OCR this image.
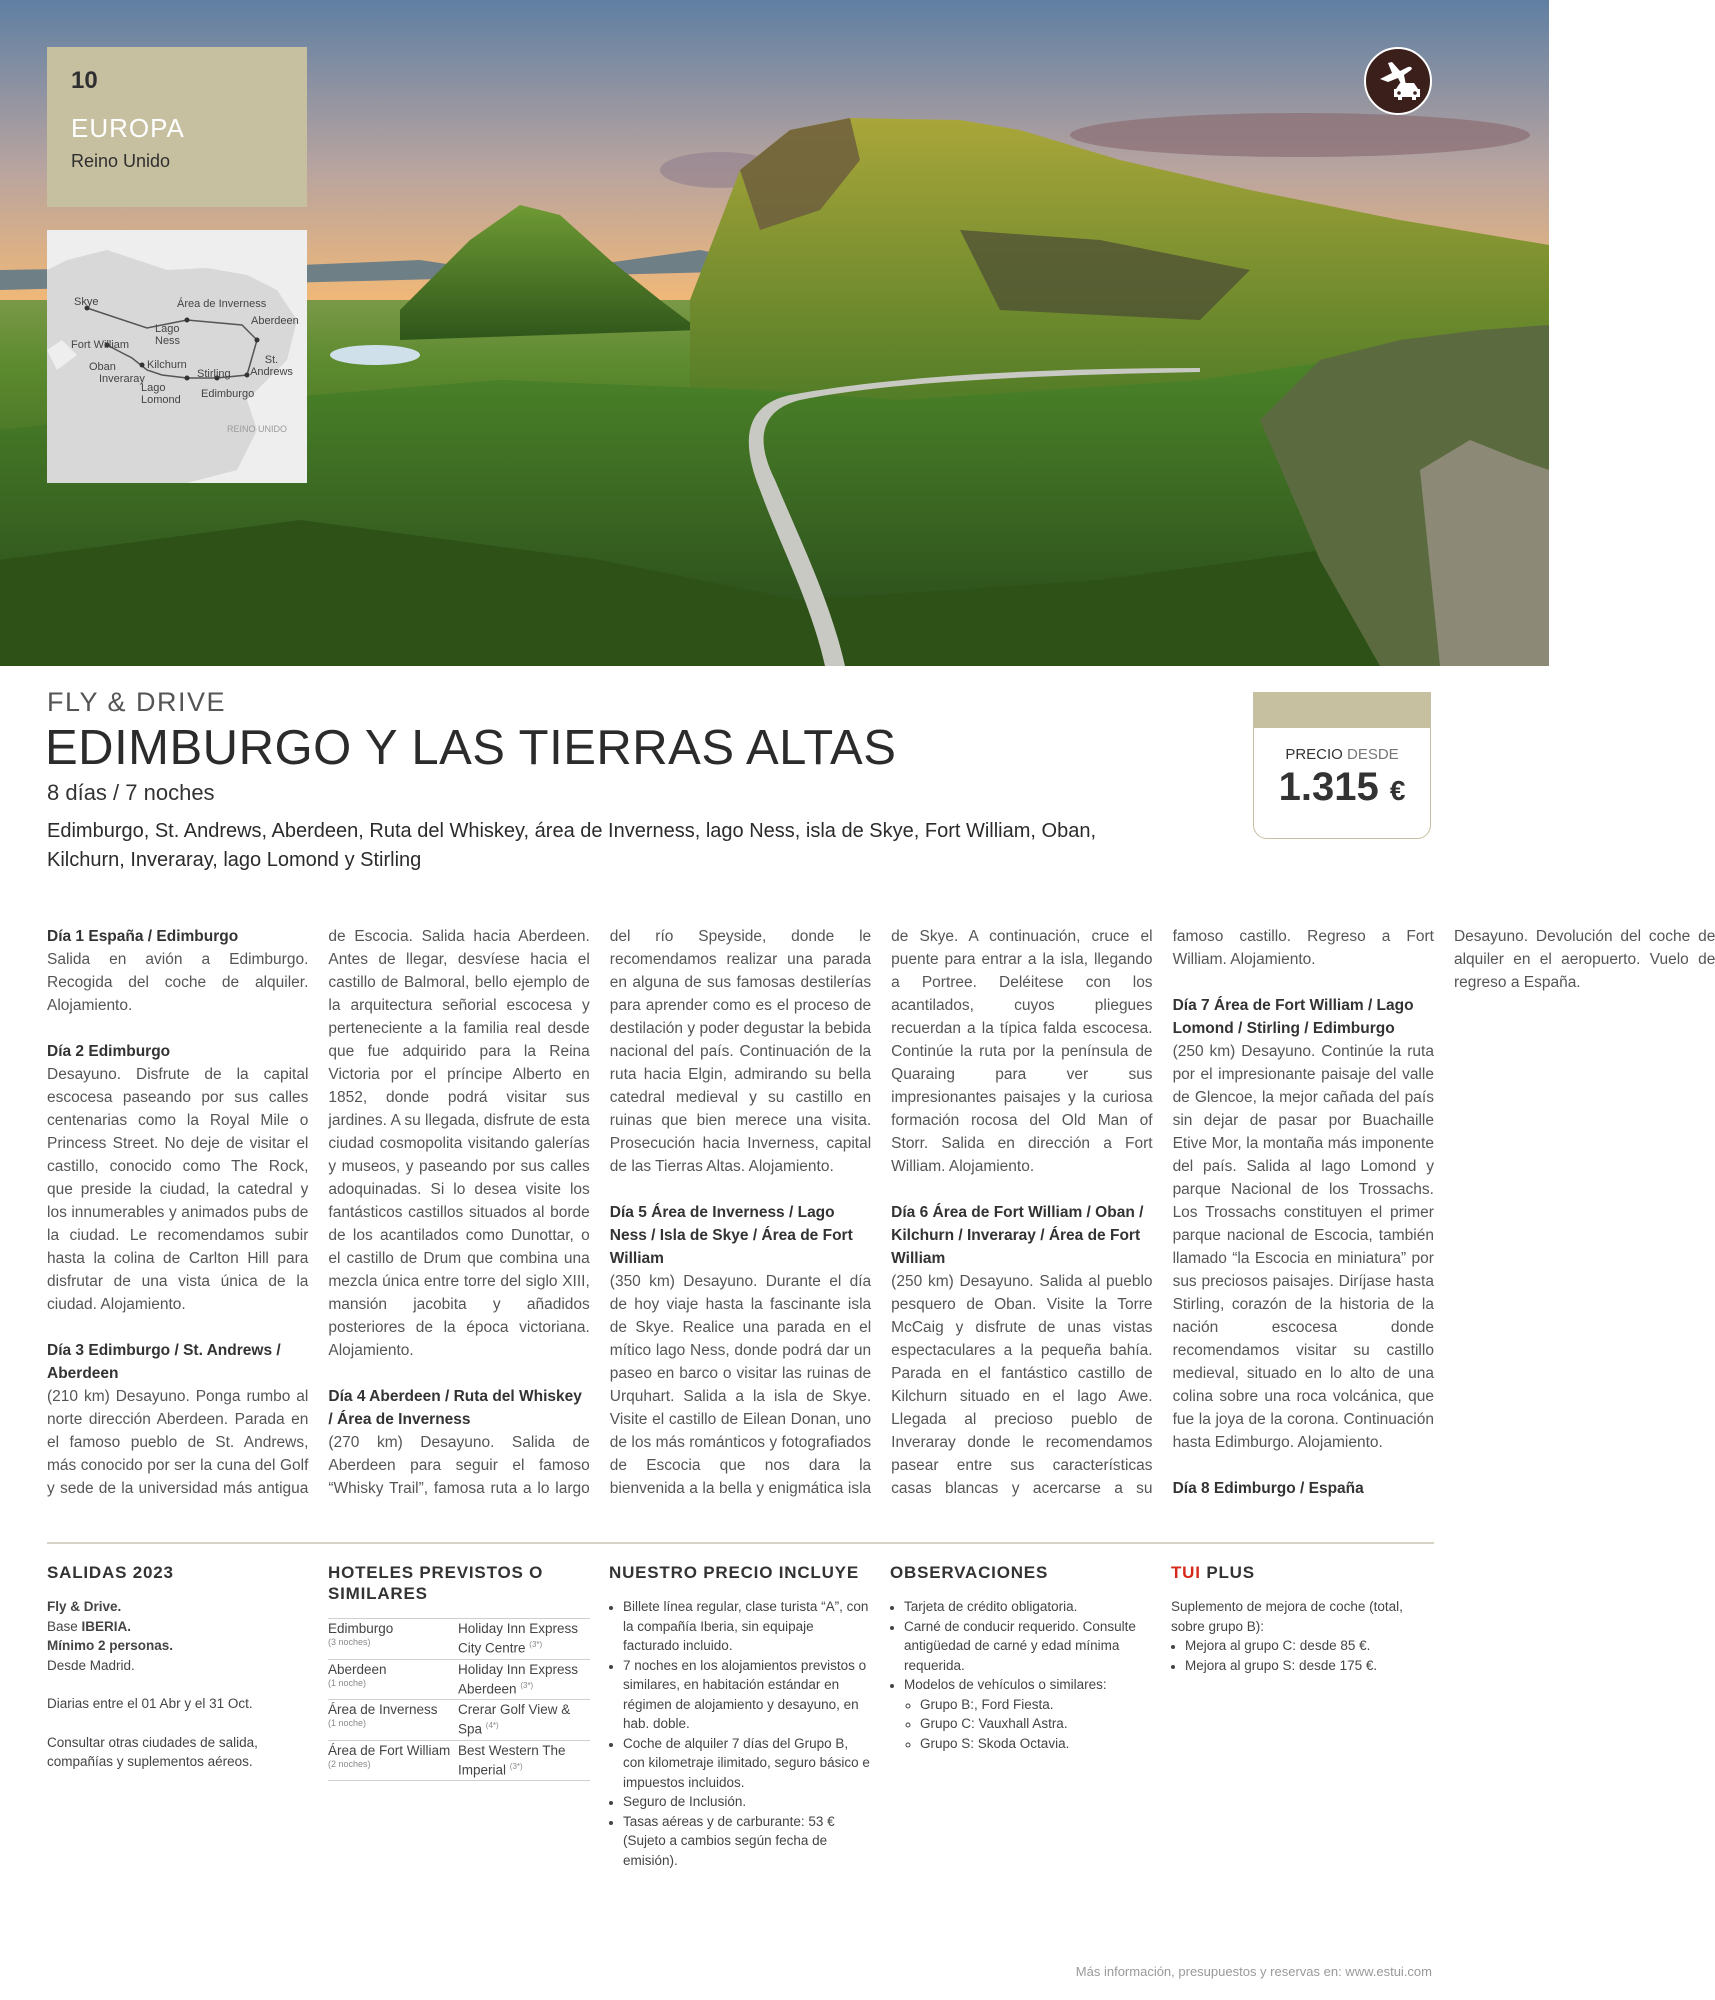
10
EUROPA
Reino Unido
Skye	Área de Inverness
Lago Ness
Aberdeen
Fort William
Oban
Inveraray
Kilchurn
Lago Lomond
Stirling
St. Andrews
Edimburgo
REINO UNIDO
FLY & DRIVE
EDIMBURGO Y LAS TIERRAS ALTAS
8 días / 7 noches
Edimburgo, St. Andrews, Aberdeen, Ruta del Whiskey, área de Inverness, lago Ness, isla de Skye, Fort William, Oban, Kilchurn, Inveraray, lago Lomond y Stirling
PRECIO DESDE
1.315 €
Día 1 España / Edimburgo

Salida en avión a Edimburgo. Recogida del coche de alquiler. Alojamiento.

Día 2 Edimburgo

Desayuno. Disfrute de la capital escocesa paseando por sus calles centenarias como la Royal Mile o Princess Street. No deje de visitar el castillo, conocido como The Rock, que preside la ciudad, la catedral y los innumerables y animados pubs de la ciudad. Le recomendamos subir hasta la colina de Carlton Hill para disfrutar de una vista única de la ciudad. Alojamiento.

Día 3 Edimburgo / St. Andrews / Aberdeen

(210 km) Desayuno. Ponga rumbo al norte dirección Aberdeen. Parada en el famoso pueblo de St. Andrews, más conocido por ser la cuna del Golf y sede de la universidad más antigua de Escocia. Salida hacia Aberdeen. Antes de llegar, desvíese hacia el castillo de Balmoral, bello ejemplo de la arquitectura señorial escocesa y perteneciente a la familia real desde que fue adquirido para la Reina Victoria por el príncipe Alberto en 1852, donde podrá visitar sus jardines. A su llegada, disfrute de esta ciudad cosmopolita visitando galerías y museos, y paseando por sus calles adoquinadas. Si lo desea visite los fantásticos castillos situados al borde de los acantilados como Dunottar, o el castillo de Drum que combina una mezcla única entre torre del siglo XIII, mansión jacobita y añadidos posteriores de la época victoriana. Alojamiento.

Día 4 Aberdeen / Ruta del Whiskey / Área de Inverness

(270 km) Desayuno. Salida de Aberdeen para seguir el famoso “Whisky Trail”, famosa ruta a lo largo del río Speyside, donde le recomendamos realizar una parada en alguna de sus famosas destilerías para aprender como es el proceso de destilación y poder degustar la bebida nacional del país. Continuación de la ruta hacia Elgin, admirando su bella catedral medieval y su castillo en ruinas que bien merece una visita. Prosecución hacia Inverness, capital de las Tierras Altas. Alojamiento.

Día 5 Área de Inverness / Lago Ness / Isla de Skye / Área de Fort William

(350 km) Desayuno. Durante el día de hoy viaje hasta la fascinante isla de Skye. Realice una parada en el mítico lago Ness, donde podrá dar un paseo en barco o visitar las ruinas de Urquhart. Salida a la isla de Skye. Visite el castillo de Eilean Donan, uno de los más románticos y fotografiados de Escocia que nos dara la bienvenida a la bella y enigmática isla de Skye. A continuación, cruce el puente para entrar a la isla, llegando a Portree. Deléitese con los acantilados, cuyos pliegues recuerdan a la típica falda escocesa. Continúe la ruta por la península de Quaraing para ver sus impresionantes paisajes y la curiosa formación rocosa del Old Man of Storr. Salida en dirección a Fort William. Alojamiento.

Día 6 Área de Fort William / Oban / Kilchurn / Inveraray / Área de Fort William

(250 km) Desayuno. Salida al pueblo pesquero de Oban. Visite la Torre McCaig y disfrute de unas vistas espectaculares a la pequeña bahía. Parada en el fantástico castillo de Kilchurn situado en el lago Awe. Llegada al precioso pueblo de Inveraray donde le recomendamos pasear entre sus características casas blancas y acercarse a su famoso castillo. Regreso a Fort William. Alojamiento.

Día 7 Área de Fort William / Lago Lomond / Stirling / Edimburgo

(250 km) Desayuno. Continúe la ruta por el impresionante paisaje del valle de Glencoe, la mejor cañada del país sin dejar de pasar por Buachaille Etive Mor, la montaña más imponente del país. Salida al lago Lomond y parque Nacional de los Trossachs. Los Trossachs constituyen el primer parque nacional de Escocia, también llamado “la Escocia en miniatura” por sus preciosos paisajes. Diríjase hasta Stirling, corazón de la historia de la nación escocesa donde recomendamos visitar su castillo medieval, situado en lo alto de una colina sobre una roca volcánica, que fue la joya de la corona. Continuación hasta Edimburgo. Alojamiento.

Día 8 Edimburgo / España

Desayuno. Devolución del coche de alquiler en el aeropuerto. Vuelo de regreso a España.

SALIDAS 2023

Fly & Drive.

Base IBERIA.

Mínimo 2 personas.

Desde Madrid.

Diarias entre el 01 Abr y el 31 Oct.

Consultar otras ciudades de salida, compañías y suplementos aéreos.

HOTELES PREVISTOS O SIMILARES
Edimburgo
(3 noches)	Holiday Inn Express City Centre $^{(3*)}$
Aberdeen
(1 noche)	Holiday Inn Express Aberdeen $^{(3*)}$
Área de Inverness
(1 noche)	Crerar Golf View & Spa $^{(4*)}$
Área de Fort William
(2 noches)	Best Western The Imperial $^{(3*)}$
NUESTRO PRECIO INCLUYE
• Billete línea regular, clase turista “A”, con la compañía Iberia, sin equipaje facturado incluido.
• 7 noches en los alojamientos previstos o similares, en habitación estándar en régimen de alojamiento y desayuno, en hab. doble.
• Coche de alquiler 7 días del Grupo B, con kilometraje ilimitado, seguro básico e impuestos incluidos.
• Seguro de Inclusión.
• Tasas aéreas y de carburante: 53 € (Sujeto a cambios según fecha de emisión).
OBSERVACIONES
• Tarjeta de crédito obligatoria.
• Carné de conducir requerido. Consulte antigüedad de carné y edad mínima requerida.
• Modelos de vehículos o similares:
◦ Grupo B:, Ford Fiesta.
◦ Grupo C: Vauxhall Astra.
◦ Grupo S: Skoda Octavia.
TUI PLUS

Suplemento de mejora de coche (total, sobre grupo B):

• Mejora al grupo C: desde 85 €.
• Mejora al grupo S: desde 175 €.
Más información, presupuestos y reservas en: www.estui.com
